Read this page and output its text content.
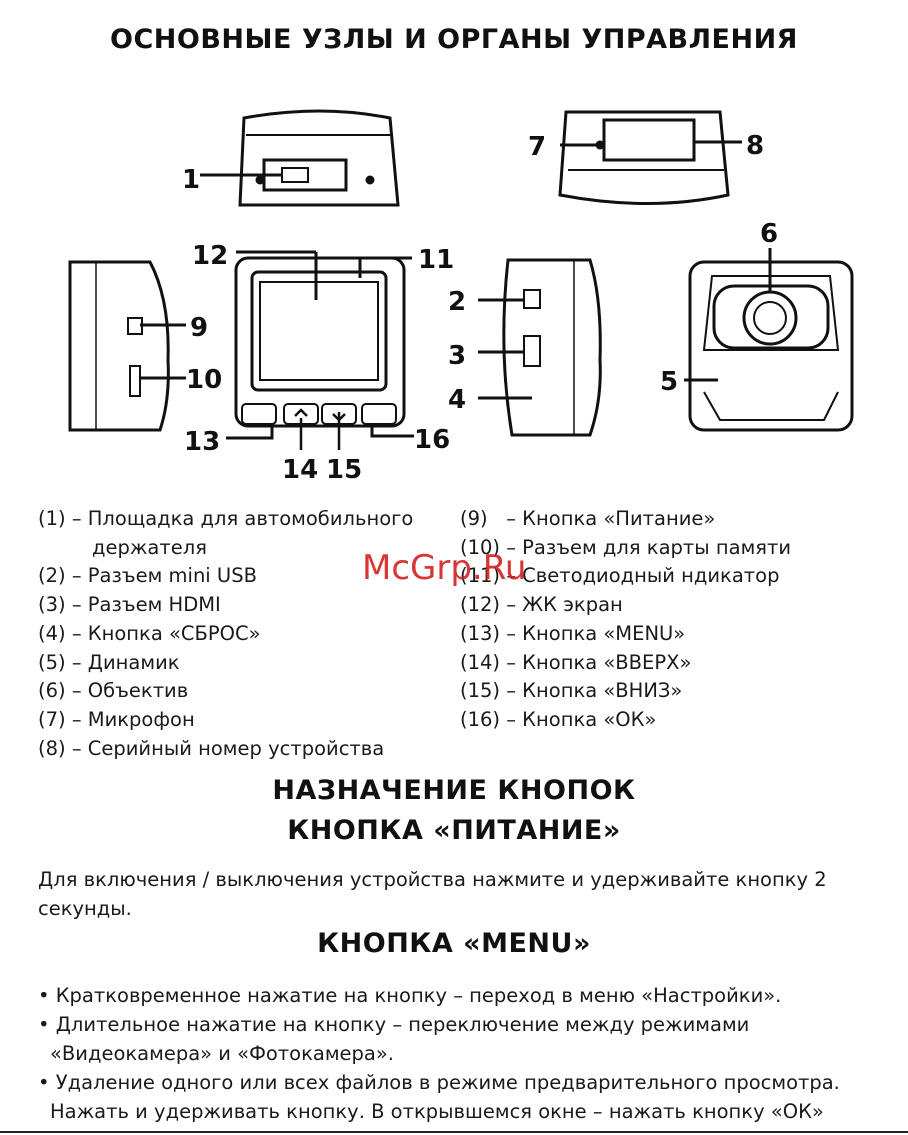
ОСНОВНЫЕ УЗЛЫ И ОРГАНЫ УПРАВЛЕНИЯ
1
7	8
6
12	11
9
10
2
3
4
5
13	16
14 15
(1) – Площадка для автомобильного
держателя
(2) – Разъем mini USB
(3) – Разъем HDMI
(4) – Кнопка «СБРОС»
(5) – Динамик
(6) – Объектив
(7) – Микрофон
(8) – Серийный номер устройства
(9)   – Кнопка «Питание»
(10) – Разъем для карты памяти
(11) – Светодиодный ндикатор
(12) – ЖК экран
(13) – Кнопка «MENU»
(14) – Кнопка «ВВЕРХ»
(15) – Кнопка «ВНИЗ»
(16) – Кнопка «ОК»
McGrp.Ru
НАЗНАЧЕНИЕ КНОПОК
КНОПКА «ПИТАНИЕ»
Для включения / выключения устройства нажмите и удерживайте кнопку 2 секунды.
КНОПКА «MENU»
• Кратковременное нажатие на кнопку – переход в меню «Настройки».
• Длительное нажатие на кнопку – переключение между режимами
«Видеокамера» и «Фотокамера».
• Удаление одного или всех файлов в режиме предварительного просмотра.
Нажать и удерживать кнопку. В открывшемся окне – нажать кнопку «ОК»
